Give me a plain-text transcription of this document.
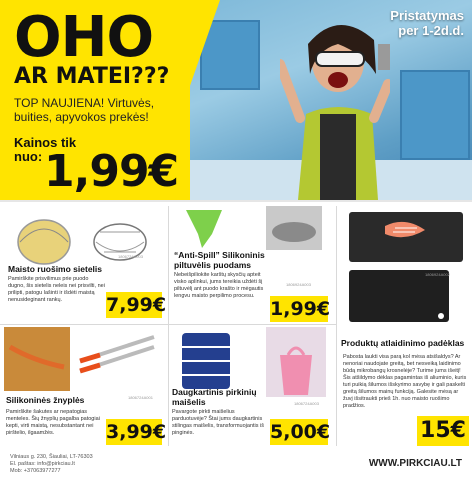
OHO
AR MATEI???
TOP NAUJIENA! Virtuvės, buities, apyvokos prekės!
Kainos tik
nuo: 1,99€
Pristatymas
per 1-2d.d.
Maisto ruošimo sietelis
Pamirškite prisvilimus prie puodo dugno, šis sietelis neleis nei prisvilti, nei prilipti, patogu lašinti ir išdėti maistą nenusideginant rankų.	7,99€
1806724A003	“Anti-Spill” Silikoninis piltuvėlis puodams
Nebeišpiliokite karštų skysčių apteit visko aplinkui, jums tereikia uždėti šį piltuvėlį ant puodo krašto ir mėgautis lengvu maisto perpilimo procesu.
1,99€
1806924A003
1806924A002
Produktų atlaidinimo padėklas
Pabosta laukti visa parą kol mėsa atsišaldys? Ar nenoriai naudojate greitą, bet nesveiką laidinimo būdą mikrobangų krosnelėje? Turime jums išeitį! Šis atšildymo dėklas pagamintas iš aliuminio, kuris turi puikią šilumos išskyrimo savybę ir gali paskelti greitą šilumos mainų funkciją. Galesite mėsą ar žuvį išsitraukti prieš 1h. nuo maisto ruošimo pradžios.
15€
Silikoninės žnyplės
Pamirškite šakutes ar nepatogias menteles. Šių žnyplių pagalba patogiai kepti, virti maistą, nesubstantant nei pirštelio, ilgaamžės.	3,99€
1806724A001
Daugkartinis pirkinių maišelis
Pavargote pirkti maišelius parduotuvėje? Štai jums daugkartinis stilingas maišelis, transformuojantis iš pinginės.	5,00€
1806724A003
Vilniaus g. 230, Šiauliai, LT-76303
El. paštas: info@pirkciau.lt
Mob: +37063977277
WWW.PIRKCIAU.LT
